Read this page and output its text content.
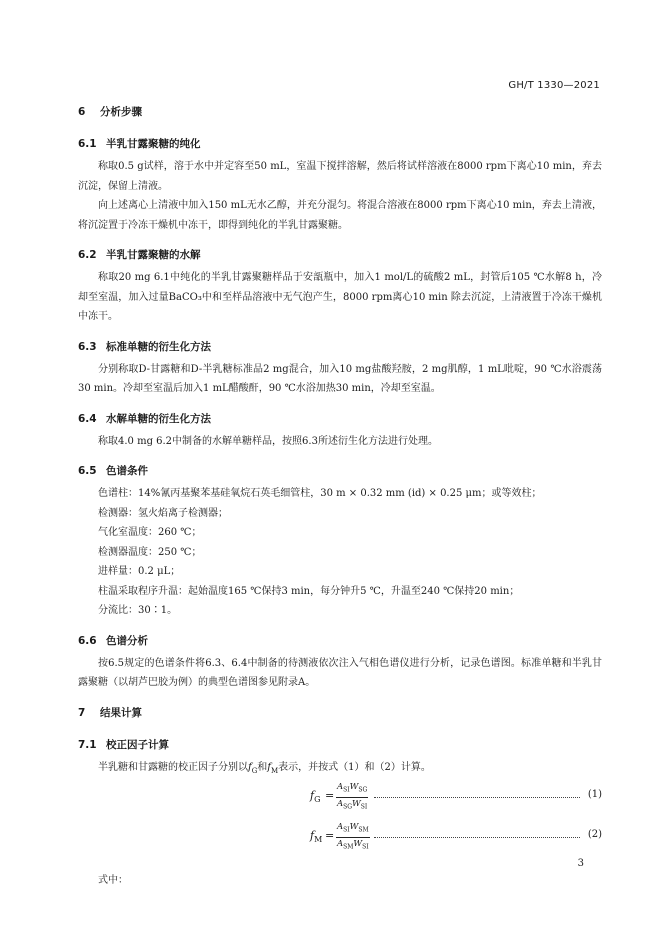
GH/T 1330—2021
6 分析步骤
6.1 半乳甘露聚糖的纯化

称取0.5 g试样，溶于水中并定容至50 mL，室温下搅拌溶解，然后将试样溶液在8000 rpm下离心10 min，弃去沉淀，保留上清液。

向上述离心上清液中加入150 mL无水乙醇，并充分混匀。将混合溶液在8000 rpm下离心10 min，弃去上清液，将沉淀置于冷冻干燥机中冻干，即得到纯化的半乳甘露聚糖。

6.2 半乳甘露聚糖的水解

称取20 mg 6.1中纯化的半乳甘露聚糖样品于安瓿瓶中，加入1 mol/L的硫酸2 mL，封管后105 ℃水解8 h，冷却至室温，加入过量BaCO₃中和至样品溶液中无气泡产生，8000 rpm离心10 min 除去沉淀，上清液置于冷冻干燥机中冻干。

6.3 标准单糖的衍生化方法

分别称取D-甘露糖和D-半乳糖标准品2 mg混合，加入10 mg盐酸羟胺，2 mg肌醇，1 mL吡啶，90 ℃水浴震荡30 min。冷却至室温后加入1 mL醋酸酐，90 ℃水浴加热30 min，冷却至室温。

6.4 水解单糖的衍生化方法

称取4.0 mg 6.2中制备的水解单糖样品，按照6.3所述衍生化方法进行处理。

6.5 色谱条件

色谱柱：14%氰丙基聚苯基硅氧烷石英毛细管柱，30 m × 0.32 mm (id) × 0.25 μm；或等效柱；

检测器：氢火焰离子检测器；

气化室温度：260 ℃；

检测器温度：250 ℃；

进样量：0.2 μL；

柱温采取程序升温：起始温度165 ℃保持3 min，每分钟升5 ℃，升温至240 ℃保持20 min；

分流比：30∶1。

6.6 色谱分析

按6.5规定的色谱条件将6.3、6.4中制备的待测液依次注入气相色谱仪进行分析，记录色谱图。标准单糖和半乳甘露聚糖（以胡芦巴胶为例）的典型色谱图参见附录A。

7 结果计算
7.1 校正因子计算

半乳糖和甘露糖的校正因子分别以$f_G$和$f_M$表示，并按式（1）和（2）计算。

$f_G$ =
$A_{SI}W_{SG}$
$A_{SG}W_{SI}$
(1)
$f_M$ =
$A_{SI}W_{SM}$
$A_{SM}W_{SI}$
(2)

式中：

3
